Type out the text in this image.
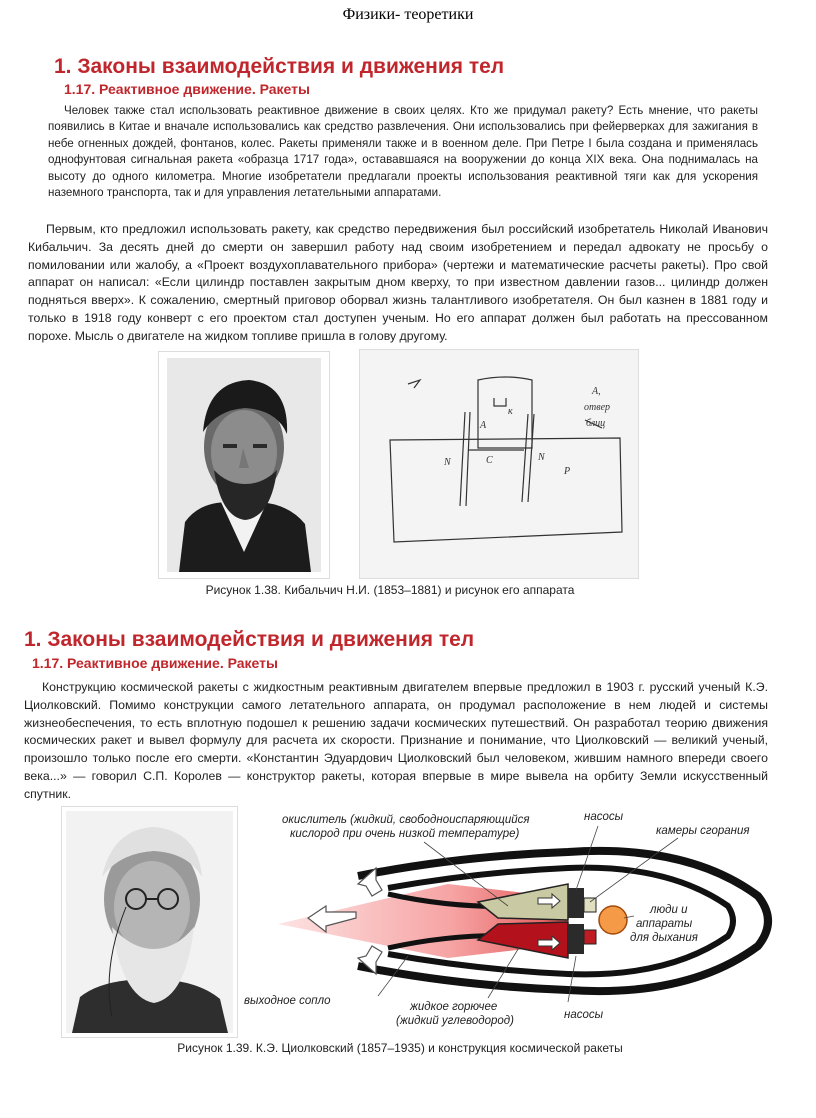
Физики- теоретики
1. Законы взаимодействия и движения тел
1.17. Реактивное движение. Ракеты
Человек также стал использовать реактивное движение в своих целях. Кто же придумал ракету? Есть мнение, что ракеты появились в Китае и вначале использовались как средство развлечения. Они использовались при фейерверках для зажигания в небе огненных дождей, фонтанов, колес. Ракеты применяли также и в военном деле. При Петре I была создана и применялась однофунтовая сигнальная ракета «образца 1717 года», остававшаяся на вооружении до конца XIX века. Она поднималась на высоту до одного километра. Многие изобретатели предлагали проекты использования реактивной тяги как для ускорения наземного транспорта, так и для управления летательными аппаратами.
Первым, кто предложил использовать ракету, как средство передвижения был российский изобретатель Николай Иванович Кибальчич. За десять дней до смерти он завершил работу над своим изобретением и передал адвокату не просьбу о помиловании или жалобу, а «Проект воздухоплавательного прибора» (чертежи и математические расчеты ракеты). Про свой аппарат он написал: «Если цилиндр поставлен закрытым дном кверху, то при известном давлении газов... цилиндр должен подняться вверх». К сожалению, смертный приговор оборвал жизнь талантливого изобретателя. Он был казнен в 1881 году и только в 1918 году конверт с его проектом стал доступен ученым. Но его аппарат должен был работать на прессованном порохе. Мысль о двигателе на жидком топливе пришла в голову другому.
А
к
N	C	N
P
A,
отвер
блиц
Рисунок 1.38. Кибальчич Н.И. (1853–1881) и рисунок его аппарата
1. Законы взаимодействия и движения тел
1.17. Реактивное движение. Ракеты
Конструкцию космической ракеты с жидкостным реактивным двигателем впервые предложил в 1903 г. русский ученый К.Э. Циолковский. Помимо конструкции самого летательного аппарата, он продумал расположение в нем людей и системы жизнеобеспечения, то есть вплотную подошел к решению задачи космических путешествий. Он разработал теорию движения космических ракет и вывел формулу для расчета их скорости. Признание и понимание, что Циолковский — великий ученый, произошло только после его смерти. «Константин Эдуардович Циолковский был человеком, жившим намного впереди своего века...» — говорил С.П. Королев — конструктор ракеты, которая впервые в мире вывела на орбиту Земли искусственный спутник.
окислитель (жидкий, свободноиспаряющийся
кислород при очень низкой температуре)
насосы
камеры сгорания
люди и
аппараты
для дыхания
выходное сопло	жидкое горючее
(жидкий углеводород)	насосы
Рисунок 1.39. К.Э. Циолковский (1857–1935) и конструкция космической ракеты
